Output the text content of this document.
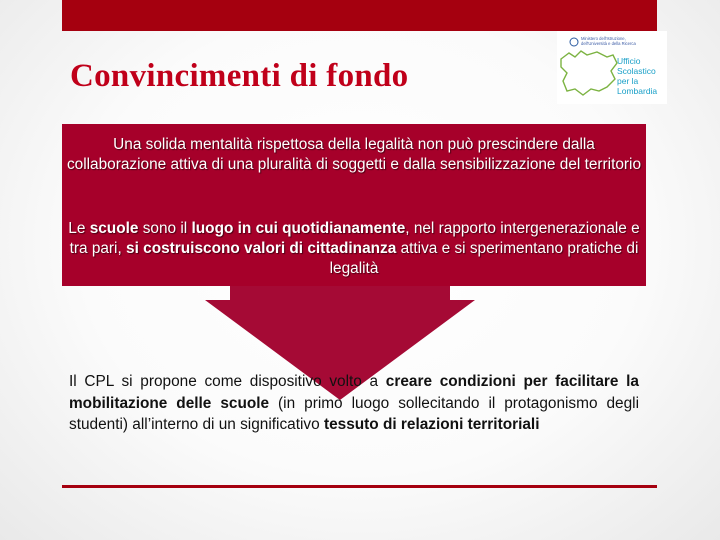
Convincimenti di fondo
Ministero dell'Istruzione,
dell'Università e della Ricerca
Ufficio
Scolastico
per la
Lombardia

Una solida mentalità rispettosa della legalità non può prescindere dalla collaborazione attiva di una pluralità di soggetti e dalla sensibilizzazione del territorio

Le scuole sono il luogo in cui quotidianamente, nel rapporto intergenerazionale e tra pari, si costruiscono valori di cittadinanza attiva e si sperimentano pratiche di legalità

Il CPL si propone come dispositivo volto a creare condizioni per facilitare la mobilitazione delle scuole (in primo luogo sollecitando il protagonismo degli studenti) all’interno di un significativo tessuto di relazioni territoriali
